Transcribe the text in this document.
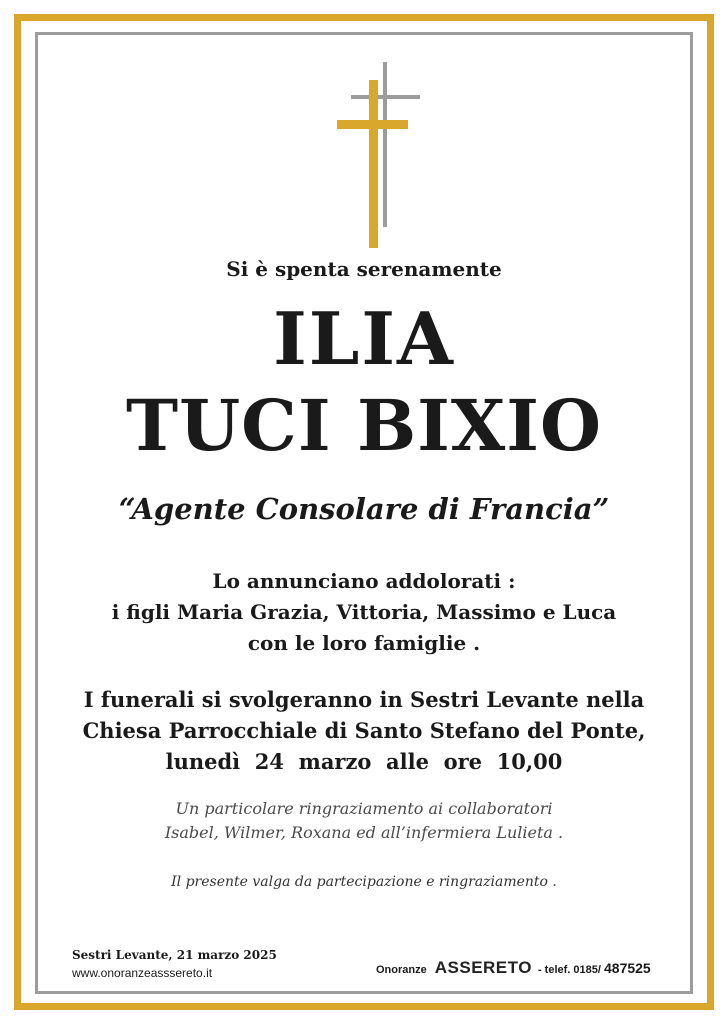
Si è spenta serenamente
ILIA
TUCI BIXIO
“Agente Consolare di Francia”
Lo annunciano addolorati :
i figli Maria Grazia, Vittoria, Massimo e Luca
con le loro famiglie .
I funerali si svolgeranno in Sestri Levante nella
Chiesa Parrocchiale di Santo Stefano del Ponte,
lunedì  24  marzo  alle  ore  10,00
Un particolare ringraziamento ai collaboratori
Isabel, Wilmer, Roxana ed all’infermiera Lulieta .
Il presente valga da partecipazione e ringraziamento .
Sestri Levante, 21 marzo 2025
www.onoranzeasssereto.it	Onoranze ASSERETO - telef. 0185/ 487525
